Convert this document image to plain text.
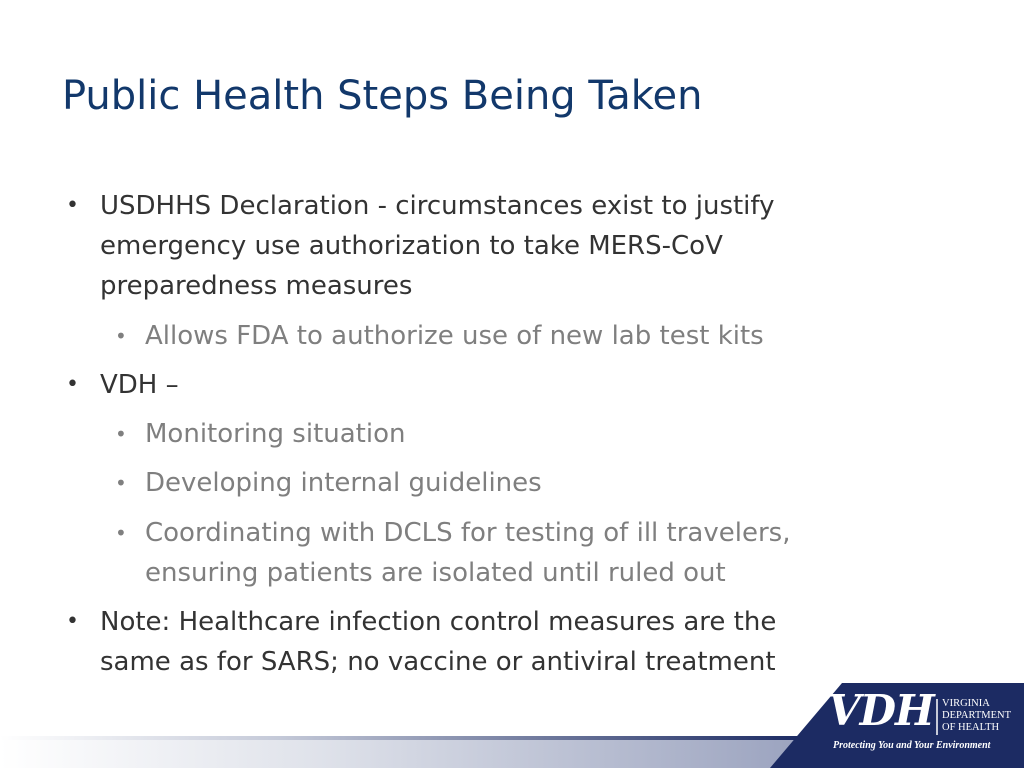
Public Health Steps Being Taken
• USDHHS Declaration - circumstances exist to justify

emergency use authorization to take MERS-CoV

preparedness measures

• Allows FDA to authorize use of new lab test kits

• VDH –

• Monitoring situation

• Developing internal guidelines

• Coordinating with DCLS for testing of ill travelers,

ensuring patients are isolated until ruled out

• Note: Healthcare infection control measures are the

same as for SARS; no vaccine or antiviral treatment

VDH VIRGINIA
DEPARTMENT
OF HEALTH

Protecting You and Your Environment
